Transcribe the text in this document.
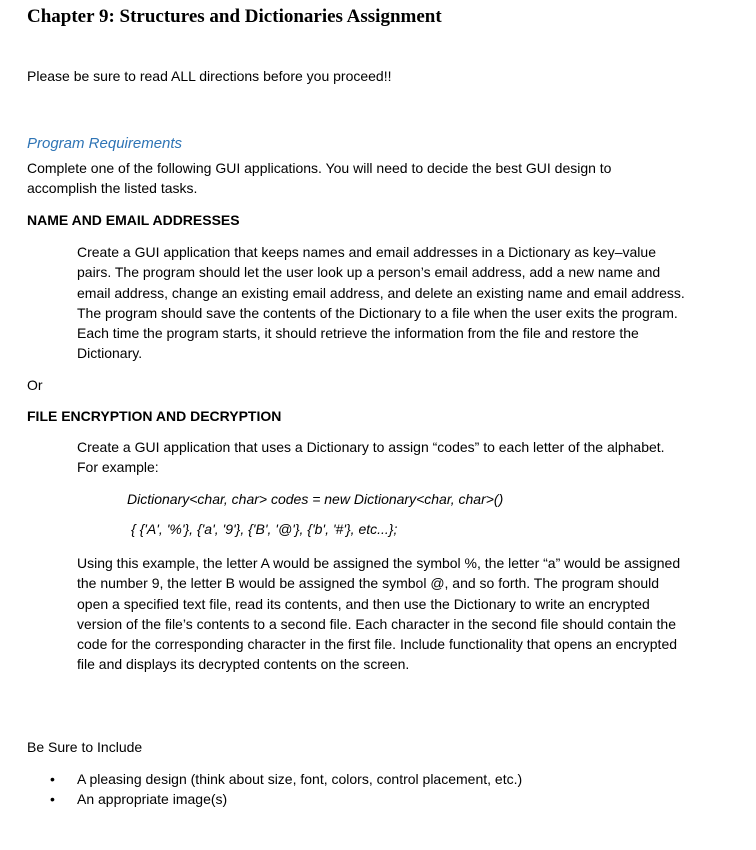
Chapter 9: Structures and Dictionaries Assignment
Please be sure to read ALL directions before you proceed!!
Program Requirements
Complete one of the following GUI applications. You will need to decide the best GUI design to accomplish the listed tasks.
NAME AND EMAIL ADDRESSES
Create a GUI application that keeps names and email addresses in a Dictionary as key–value pairs. The program should let the user look up a person’s email address, add a new name and email address, change an existing email address, and delete an existing name and email address. The program should save the contents of the Dictionary to a file when the user exits the program. Each time the program starts, it should retrieve the information from the file and restore the Dictionary.
Or
FILE ENCRYPTION AND DECRYPTION
Create a GUI application that uses a Dictionary to assign “codes” to each letter of the alphabet. For example:
Dictionary<char, char> codes = new Dictionary<char, char>()
{ {'A', '%'}, {'a', '9'}, {'B', '@'}, {'b', '#'}, etc...};
Using this example, the letter A would be assigned the symbol %, the letter “a” would be assigned the number 9, the letter B would be assigned the symbol @, and so forth. The program should open a specified text file, read its contents, and then use the Dictionary to write an encrypted version of the file’s contents to a second file. Each character in the second file should contain the code for the corresponding character in the first file. Include functionality that opens an encrypted file and displays its decrypted contents on the screen.
Be Sure to Include
• A pleasing design (think about size, font, colors, control placement, etc.)
• An appropriate image(s)
